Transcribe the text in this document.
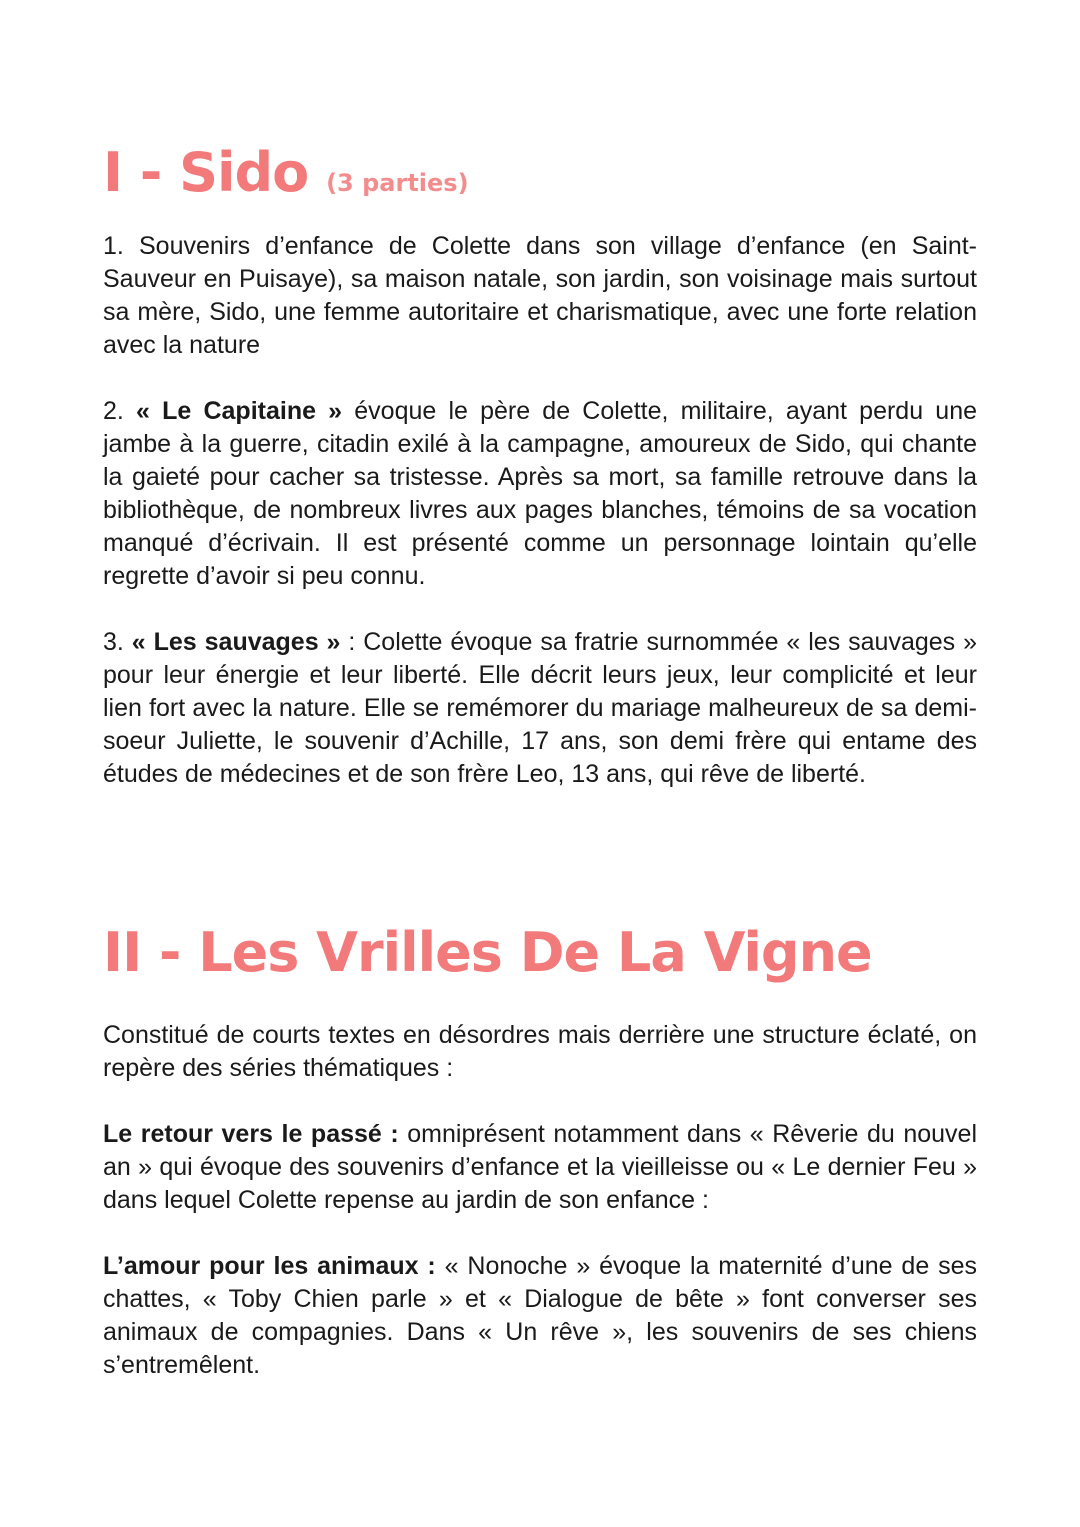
I - Sido (3 parties)

1. Souvenirs d’enfance de Colette dans son village d’enfance (en Saint-Sauveur en Puisaye), sa maison natale, son jardin, son voisinage mais surtout sa mère, Sido, une femme autoritaire et charismatique, avec une forte relation avec la nature

2. « Le Capitaine » évoque le père de Colette, militaire, ayant perdu une jambe à la guerre, citadin exilé à la campagne, amoureux de Sido, qui chante la gaieté pour cacher sa tristesse. Après sa mort, sa famille retrouve dans la bibliothèque, de nombreux livres aux pages blanches, témoins de sa vocation manqué d’écrivain. Il est présenté comme un personnage lointain qu’elle regrette d’avoir si peu connu.

3. « Les sauvages » : Colette évoque sa fratrie surnommée « les sauvages » pour leur énergie et leur liberté. Elle décrit leurs jeux, leur complicité et leur lien fort avec la nature. Elle se remémorer du mariage malheureux de sa demi-soeur Juliette, le souvenir d’Achille, 17 ans, son demi frère qui entame des études de médecines et de son frère Leo, 13 ans, qui rêve de liberté.

II - Les Vrilles De La Vigne

Constitué de courts textes en désordres mais derrière une structure éclaté, on repère des séries thématiques :

Le retour vers le passé : omniprésent notamment dans « Rêverie du nouvel an » qui évoque des souvenirs d’enfance et la vieilleisse ou « Le dernier Feu » dans lequel Colette repense au jardin de son enfance :

L’amour pour les animaux : « Nonoche » évoque la maternité d’une de ses chattes, « Toby Chien parle » et « Dialogue de bête » font converser ses animaux de compagnies. Dans « Un rêve », les souvenirs de ses chiens s’entremêlent.
